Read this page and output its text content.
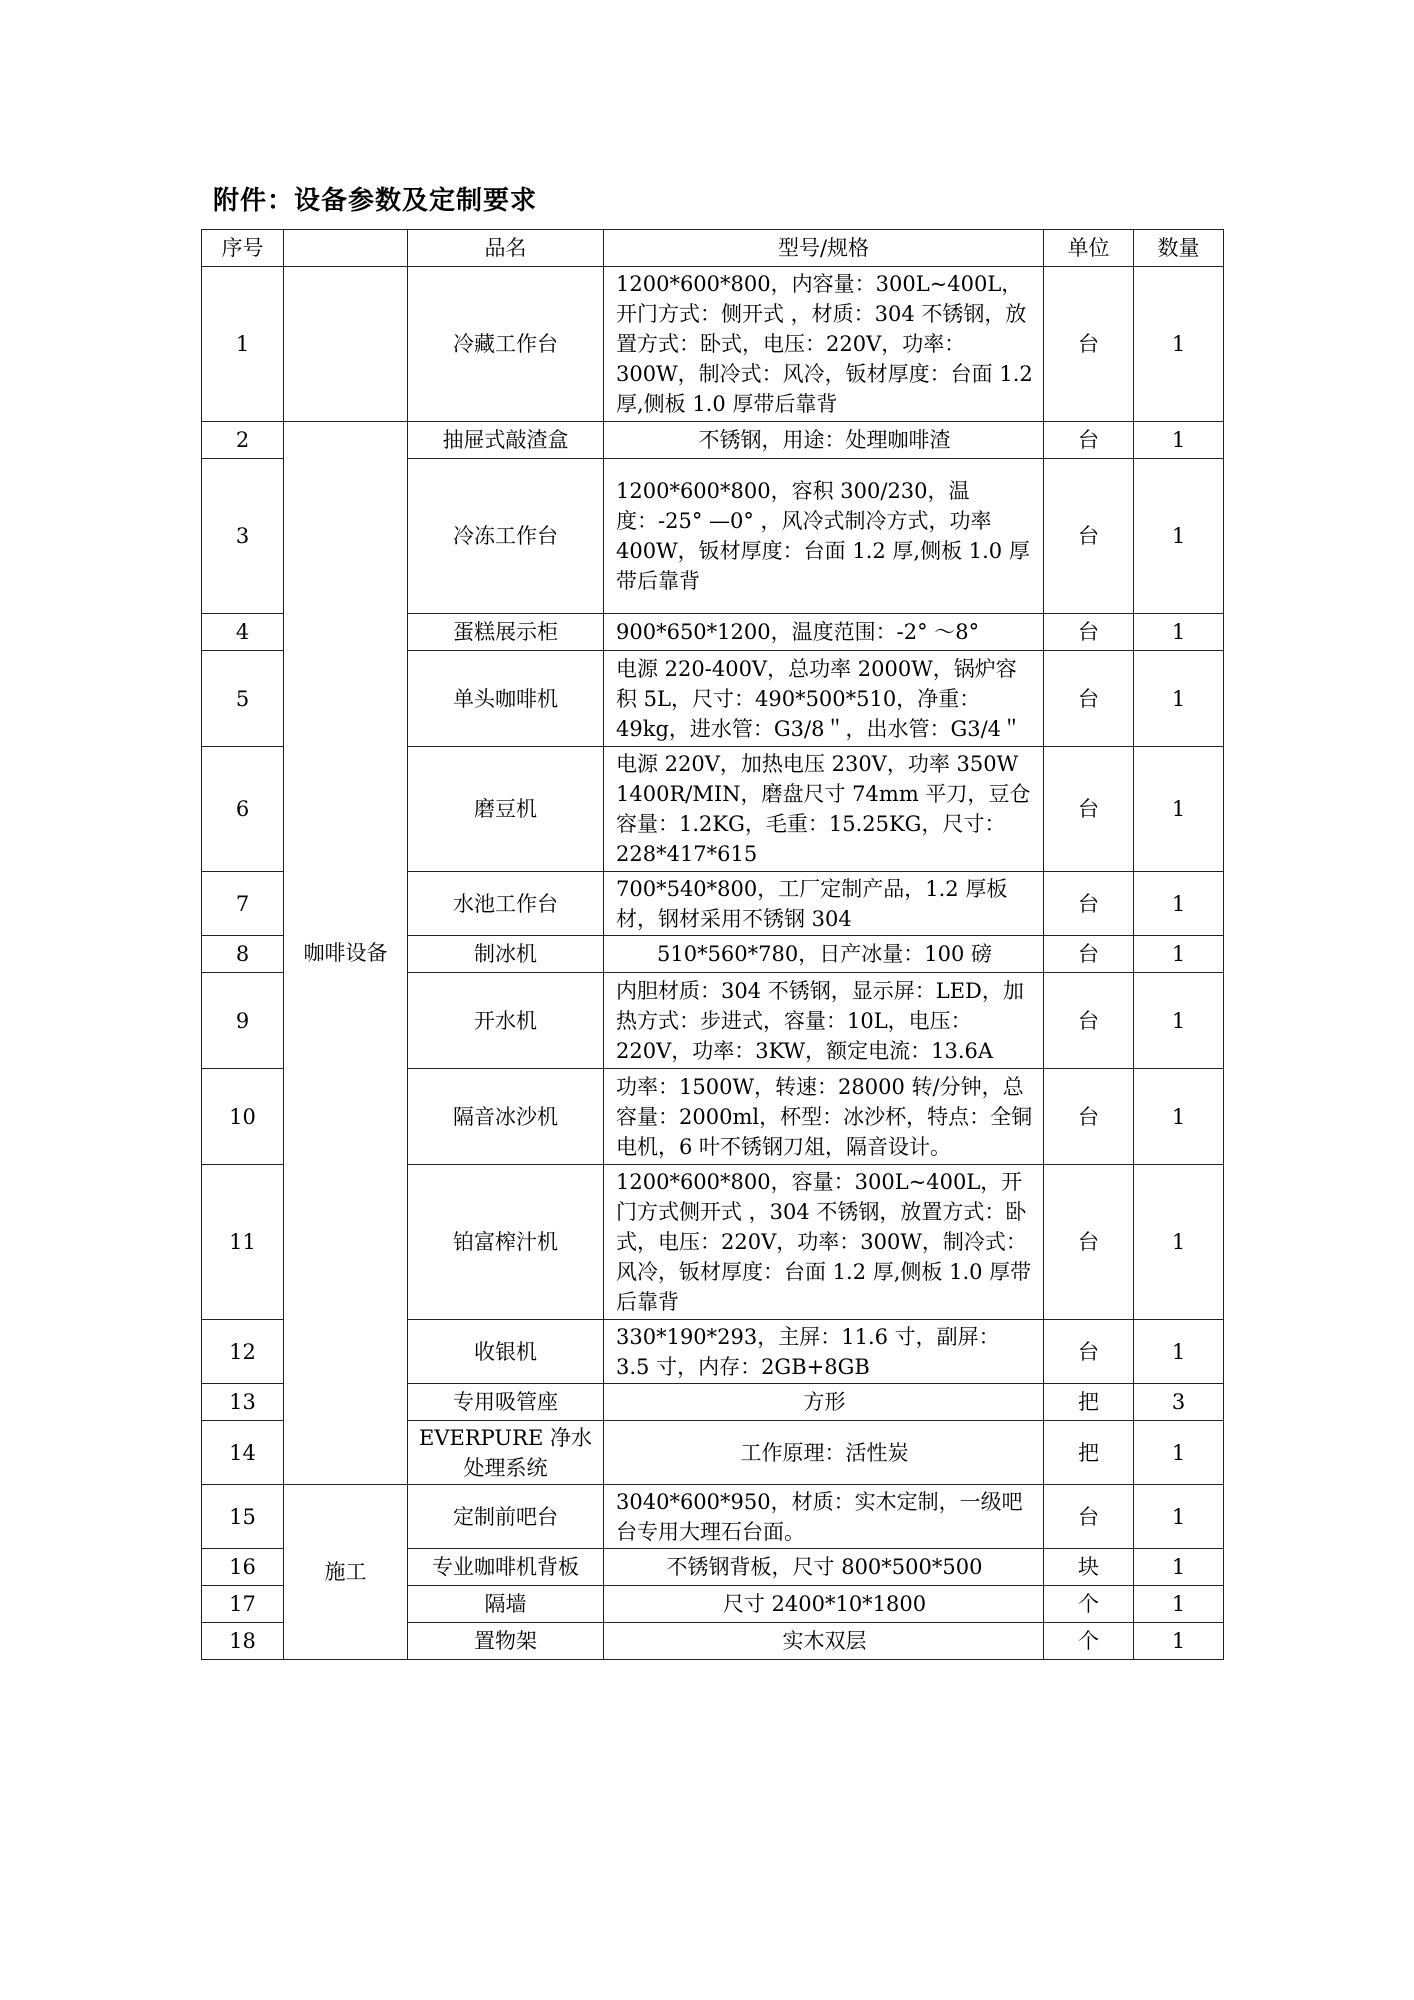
附件：设备参数及定制要求
序号		品名	型号/规格	单位	数量
1		冷藏工作台	1200*600*800，内容量：300L~400L，开门方式：侧开式 ，材质：304 不锈钢，放置方式：卧式，电压：220V，功率：300W，制冷式：风冷，钣材厚度：台面 1.2 厚,侧板 1.0 厚带后靠背	台	1
2	咖啡设备	抽屉式敲渣盒	不锈钢，用途：处理咖啡渣	台	1
3		冷冻工作台	1200*600*800，容积 300/230，温度：-25° —0° ，风冷式制冷方式，功率 400W，钣材厚度：台面 1.2 厚,侧板 1.0 厚带后靠背	台	1
4		蛋糕展示柜	900*650*1200，温度范围：-2° ～8°	台	1
5		单头咖啡机	电源 220-400V，总功率 2000W，锅炉容积 5L，尺寸：490*500*510，净重：49kg，进水管：G3/8＂，出水管：G3/4＂	台	1
6		磨豆机	电源 220V，加热电压 230V，功率 350W 1400R/MIN，磨盘尺寸 74mm 平刀，豆仓容量：1.2KG，毛重：15.25KG，尺寸：228*417*615	台	1
7		水池工作台	700*540*800，工厂定制产品，1.2 厚板材，钢材采用不锈钢 304	台	1
8		制冰机	510*560*780，日产冰量：100 磅	台	1
9		开水机	内胆材质：304 不锈钢，显示屏：LED，加热方式：步进式，容量：10L，电压：220V，功率：3KW，额定电流：13.6A	台	1
10		隔音冰沙机	功率：1500W，转速：28000 转/分钟，总容量：2000ml，杯型：冰沙杯，特点：全铜电机，6 叶不锈钢刀俎，隔音设计。	台	1
11		铂富榨汁机	1200*600*800，容量：300L~400L，开门方式侧开式 ，304 不锈钢，放置方式：卧式，电压：220V，功率：300W，制冷式：风冷，钣材厚度：台面 1.2 厚,侧板 1.0 厚带后靠背	台	1
12		收银机	330*190*293，主屏：11.6 寸，副屏：3.5 寸，内存：2GB+8GB	台	1
13		专用吸管座	方形	把	3
14		EVERPURE 净水处理系统	工作原理：活性炭	把	1
15	施工	定制前吧台	3040*600*950，材质：实木定制，一级吧台专用大理石台面。	台	1
16		专业咖啡机背板	不锈钢背板，尺寸 800*500*500	块	1
17		隔墙	尺寸 2400*10*1800	个	1
18		置物架	实木双层	个	1
